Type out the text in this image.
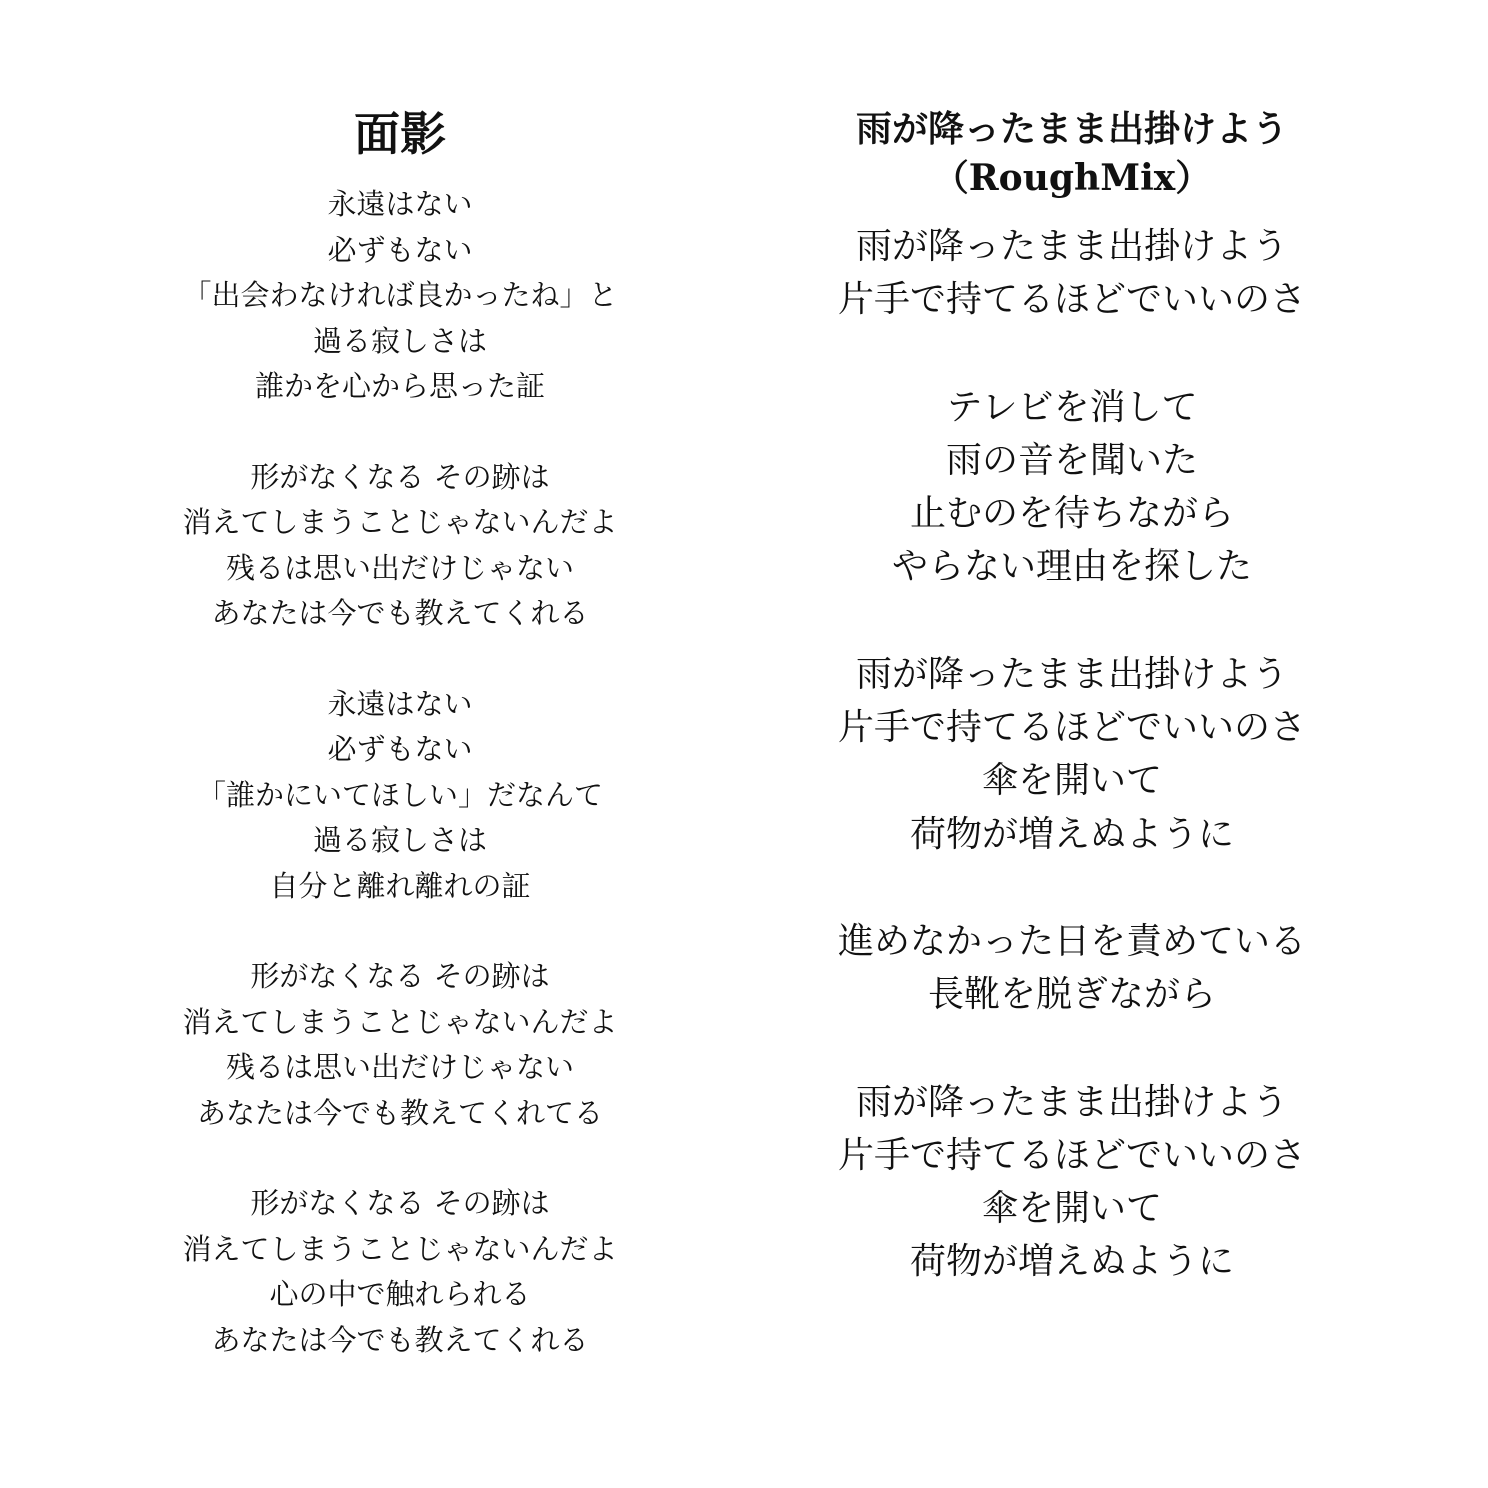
面影
永遠はない
必ずもない
「出会わなければ良かったね」と
過る寂しさは
誰かを心から思った証
形がなくなる その跡は
消えてしまうことじゃないんだよ
残るは思い出だけじゃない
あなたは今でも教えてくれる
永遠はない
必ずもない
「誰かにいてほしい」だなんて
過る寂しさは
自分と離れ離れの証
形がなくなる その跡は
消えてしまうことじゃないんだよ
残るは思い出だけじゃない
あなたは今でも教えてくれてる
形がなくなる その跡は
消えてしまうことじゃないんだよ
心の中で触れられる
あなたは今でも教えてくれる
雨が降ったまま出掛けよう
（RoughMix）
雨が降ったまま出掛けよう
片手で持てるほどでいいのさ
テレビを消して
雨の音を聞いた
止むのを待ちながら
やらない理由を探した
雨が降ったまま出掛けよう
片手で持てるほどでいいのさ
傘を開いて
荷物が増えぬように
進めなかった日を責めている
長靴を脱ぎながら
雨が降ったまま出掛けよう
片手で持てるほどでいいのさ
傘を開いて
荷物が増えぬように
